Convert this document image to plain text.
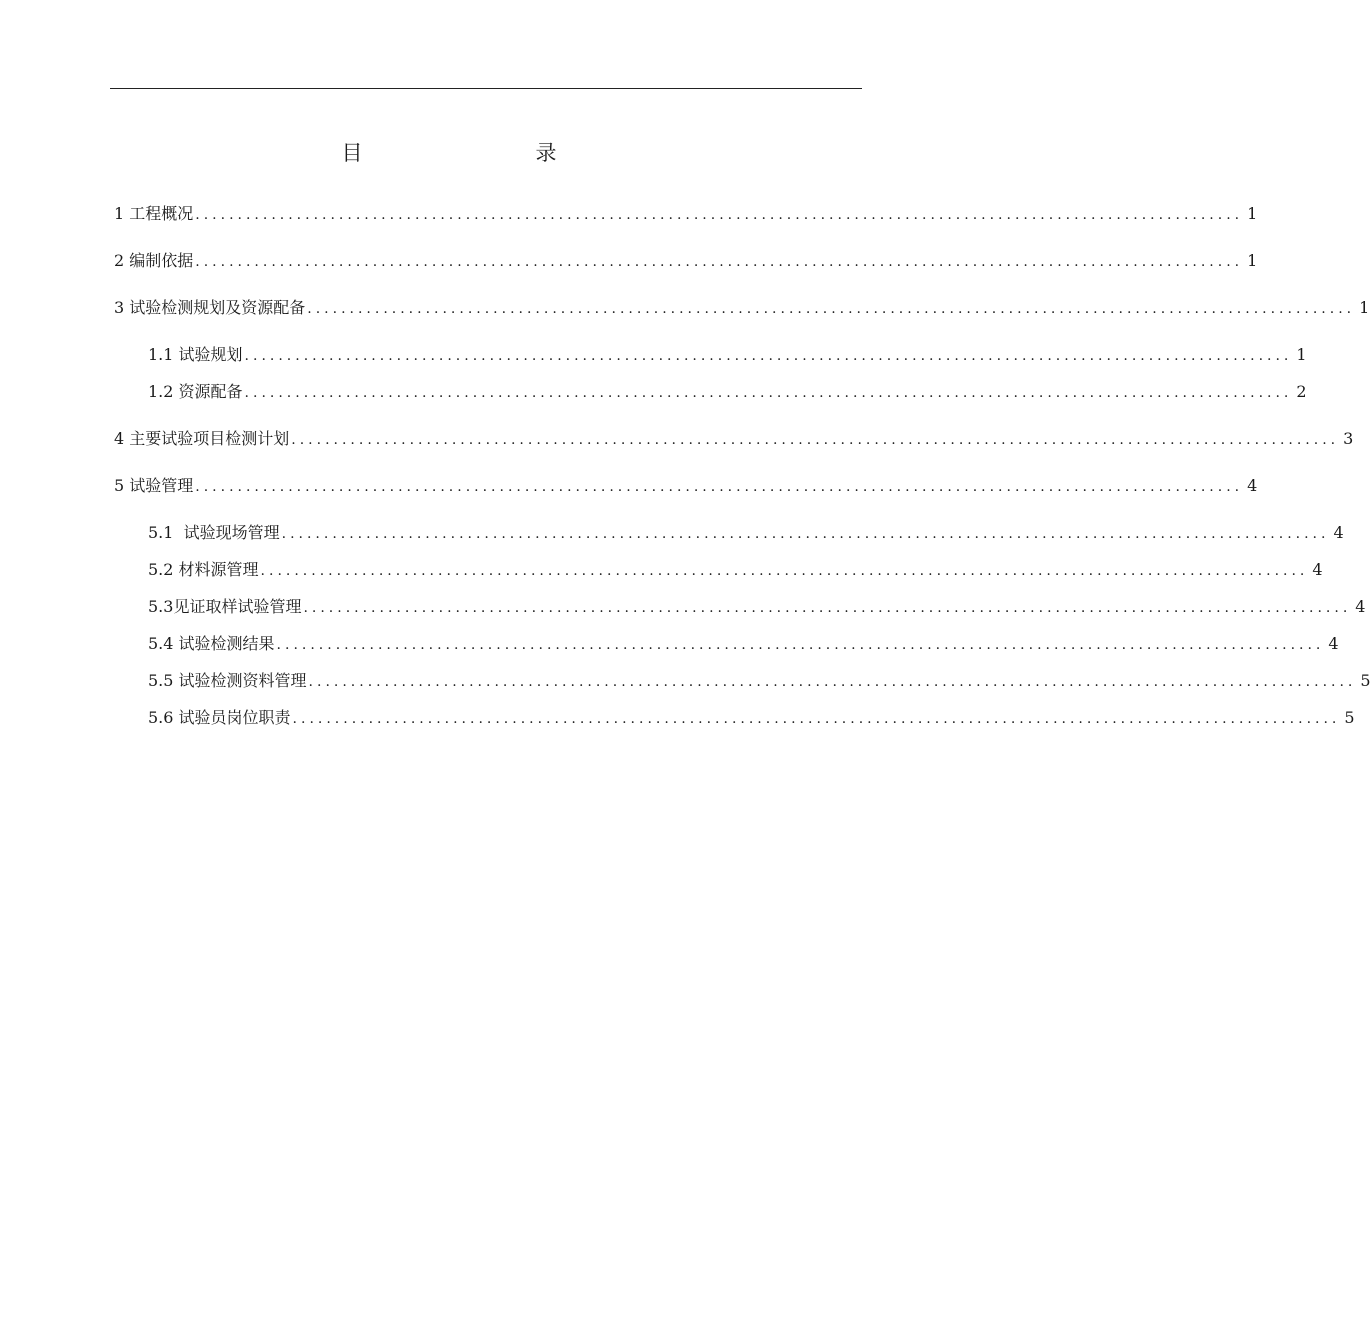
目　录
1 工程概况 ............................................................................................................................ 1
2 编制依据 ............................................................................................................................ 1
3 试验检测规划及资源配备 ............................................................................................................................ 1
1.1 试验规划 ............................................................................................................................ 1
1.2 资源配备 ............................................................................................................................ 2
4 主要试验项目检测计划 ............................................................................................................................ 3
5 试验管理 ............................................................................................................................ 4
5.1  试验现场管理 ............................................................................................................................ 4
5.2 材料源管理 ............................................................................................................................ 4
5.3见证取样试验管理 ............................................................................................................................ 4
5.4 试验检测结果 ............................................................................................................................ 4
5.5 试验检测资料管理 ............................................................................................................................ 5
5.6 试验员岗位职责 ............................................................................................................................ 5
